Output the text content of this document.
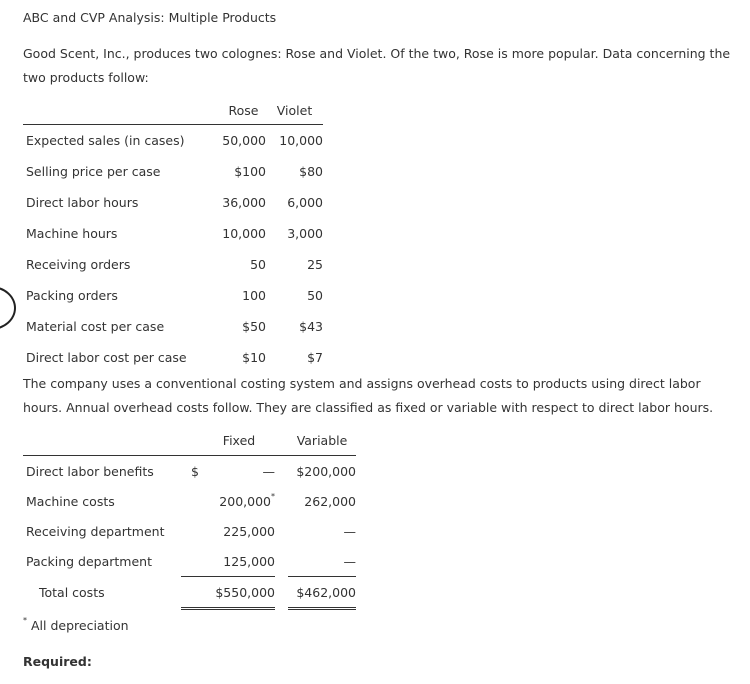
ABC and CVP Analysis: Multiple Products
Good Scent, Inc., produces two colognes: Rose and Violet. Of the two, Rose is more popular. Data concerning the two products follow:
	Rose	Violet
Expected sales (in cases)	50,000	10,000
Selling price per case	$100	$80
Direct labor hours	36,000	6,000
Machine hours	10,000	3,000
Receiving orders	50	25
Packing orders	100	50
Material cost per case	$50	$43
Direct labor cost per case	$10	$7
The company uses a conventional costing system and assigns overhead costs to products using direct labor hours. Annual overhead costs follow. They are classified as fixed or variable with respect to direct labor hours.
		Fixed		Variable
Direct labor benefits	$	—		$200,000
Machine costs		200,000*		262,000
Receiving department		225,000		—
Packing department		125,000		—
Total costs		$550,000		$462,000
* All depreciation
Required:
